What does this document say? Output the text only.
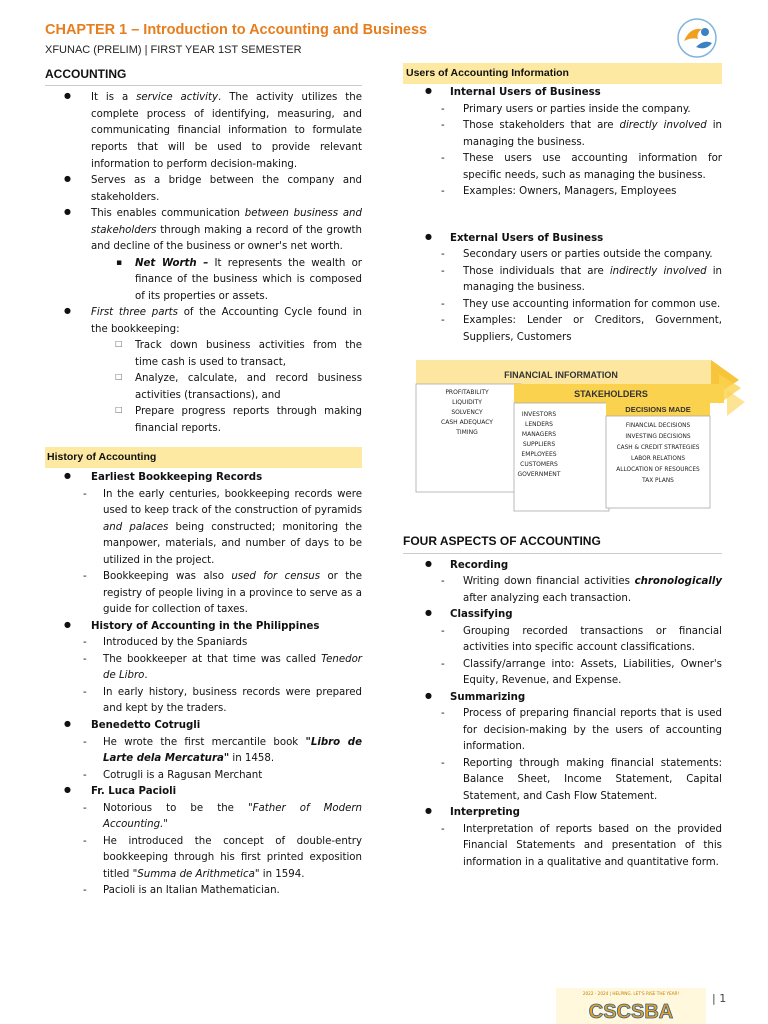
CHAPTER 1 – Introduction to Accounting and Business
XFUNAC (PRELIM) | FIRST YEAR 1ST SEMESTER
ACCOUNTING
● It is a service activity. The activity utilizes the complete process of identifying, measuring, and communicating financial information to formulate reports that will be used to provide relevant information to perform decision-making.
● Serves as a bridge between the company and stakeholders.
● This enables communication between business and stakeholders through making a record of the growth and decline of the business or owner's net worth.
▪ Net Worth – It represents the wealth or finance of the business which is composed of its properties or assets.
● First three parts of the Accounting Cycle found in the bookkeeping:
□ Track down business activities from the time cash is used to transact,
□ Analyze, calculate, and record business activities (transactions), and
□ Prepare progress reports through making financial reports.
History of Accounting
● Earliest Bookkeeping Records
- In the early centuries, bookkeeping records were used to keep track of the construction of pyramids and palaces being constructed; monitoring the manpower, materials, and number of days to be utilized in the project.
- Bookkeeping was also used for census or the registry of people living in a province to serve as a guide for collection of taxes.
● History of Accounting in the Philippines
- Introduced by the Spaniards
- The bookkeeper at that time was called Tenedor de Libro.
- In early history, business records were prepared and kept by the traders.
● Benedetto Cotrugli
- He wrote the first mercantile book "Libro de Larte dela Mercatura" in 1458.
- Cotrugli is a Ragusan Merchant
● Fr. Luca Pacioli
- Notorious to be the "Father of Modern Accounting."
- He introduced the concept of double-entry bookkeeping through his first printed exposition titled "Summa de Arithmetica" in 1594.
- Pacioli is an Italian Mathematician.
Users of Accounting Information
● Internal Users of Business
- Primary users or parties inside the company.
- Those stakeholders that are directly involved in managing the business.
- These users use accounting information for specific needs, such as managing the business.
- Examples: Owners, Managers, Employees
● External Users of Business
- Secondary users or parties outside the company.
- Those individuals that are indirectly involved in managing the business.
- They use accounting information for common use.
- Examples: Lender or Creditors, Government, Suppliers, Customers
FINANCIAL INFORMATION
STAKEHOLDERS
DECISIONS MADE
PROFITABILITY
LIQUIDITY
SOLVENCY
CASH ADEQUACY
TIMING
INVESTORS
LENDERS
MANAGERS
SUPPLIERS
EMPLOYEES
CUSTOMERS
GOVERNMENT
FINANCIAL DECISIONS
INVESTING DECISIONS
CASH & CREDIT STRATEGIES
LABOR RELATIONS
ALLOCATION OF RESOURCES
TAX PLANS
FOUR ASPECTS OF ACCOUNTING
● Recording
- Writing down financial activities chronologically after analyzing each transaction.
● Classifying
- Grouping recorded transactions or financial activities into specific account classifications.
- Classify/arrange into: Assets, Liabilities, Owner's Equity, Revenue, and Expense.
● Summarizing
- Process of preparing financial reports that is used for decision-making by the users of accounting information.
- Reporting through making financial statements: Balance Sheet, Income Statement, Capital Statement, and Cash Flow Statement.
● Interpreting
- Interpretation of reports based on the provided Financial Statements and presentation of this information in a qualitative and quantitative form.
2022 - 2024 | HELPING. LET'S RISE THE YEAR!
CSCSBA
| 1
